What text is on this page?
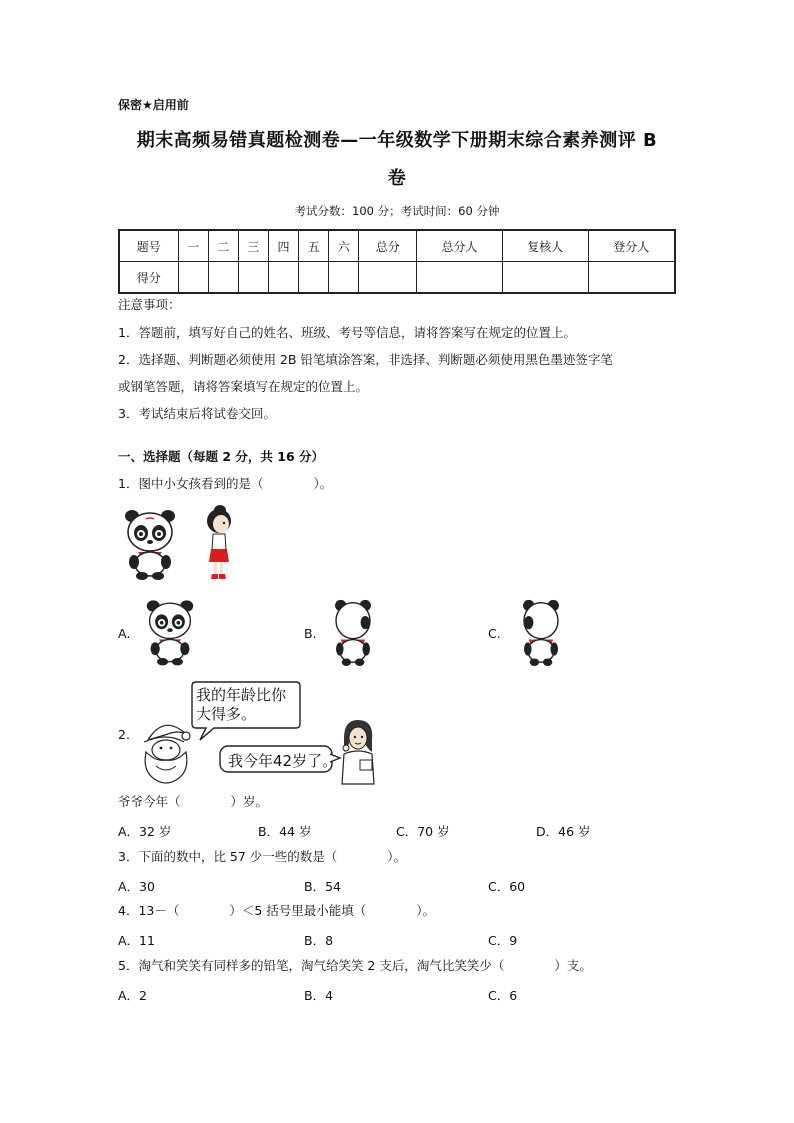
保密★启用前
期末高频易错真题检测卷—一年级数学下册期末综合素养测评 B
卷
考试分数：100 分；考试时间：60 分钟
题号	一	二	三	四	五	六	总分	总分人	复核人	登分人
得分										
注意事项：
1．答题前，填写好自己的姓名、班级、考号等信息，请将答案写在规定的位置上。
2．选择题、判断题必须使用 2B 铅笔填涂答案，非选择、判断题必须使用黑色墨迹签字笔
或钢笔答题，请将答案填写在规定的位置上。
3．考试结束后将试卷交回。
一、选择题（每题 2 分，共 16 分）
1．图中小女孩看到的是（　　　　）。
A.	B.	C.
2.
我的年龄比你
大得多。
我今年42岁了。
爷爷今年（　　　　）岁。
A．32 岁	B．44 岁	C．70 岁	D．46 岁
3．下面的数中，比 57 少一些的数是（　　　　）。
A．30	B．54	C．60
4．13－（　　　　）＜5 括号里最小能填（　　　　）。
A．11	B．8	C．9
5．淘气和笑笑有同样多的铅笔，淘气给笑笑 2 支后，淘气比笑笑少（　　　　）支。
A．2	B．4	C．6
